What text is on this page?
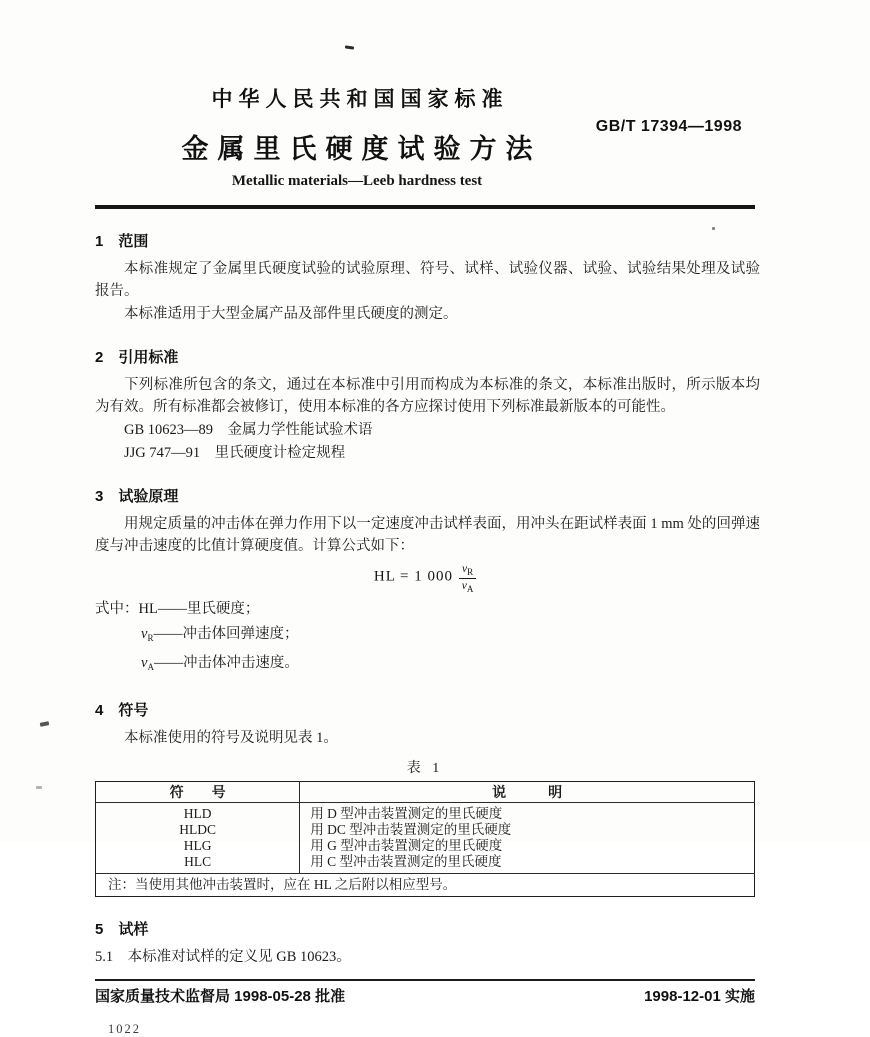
中华人民共和国国家标准
金属里氏硬度试验方法
Metallic materials—Leeb hardness test
GB/T 17394—1998
1　范围

本标准规定了金属里氏硬度试验的试验原理、符号、试样、试验仪器、试验、试验结果处理及试验报告。

本标准适用于大型金属产品及部件里氏硬度的测定。

2　引用标准

下列标准所包含的条文，通过在本标准中引用而构成为本标准的条文，本标准出版时，所示版本均为有效。所有标准都会被修订，使用本标准的各方应探讨使用下列标准最新版本的可能性。

GB 10623—89　金属力学性能试验术语
JJG 747—91　里氏硬度计检定规程
3　试验原理

用规定质量的冲击体在弹力作用下以一定速度冲击试样表面，用冲头在距试样表面 1 mm 处的回弹速度与冲击速度的比值计算硬度值。计算公式如下：

HL = 1 $000 \frac{v_R}{v_A}$
式中：HL——里氏硬度；
$v_R——$冲击体回弹速度；
$v_A——$冲击体冲击速度。
4　符号

本标准使用的符号及说明见表 1。

表 1
符　　号	说　　　明
HLD	用 D 型冲击装置测定的里氏硬度
HLDC	用 DC 型冲击装置测定的里氏硬度
HLG	用 G 型冲击装置测定的里氏硬度
HLC	用 C 型冲击装置测定的里氏硬度
注：当使用其他冲击装置时，应在 HL 之后附以相应型号。	
5　试样

5.1　本标准对试样的定义见 GB 10623。

国家质量技术监督局 1998-05-28 批准	1998-12-01 实施
1022
